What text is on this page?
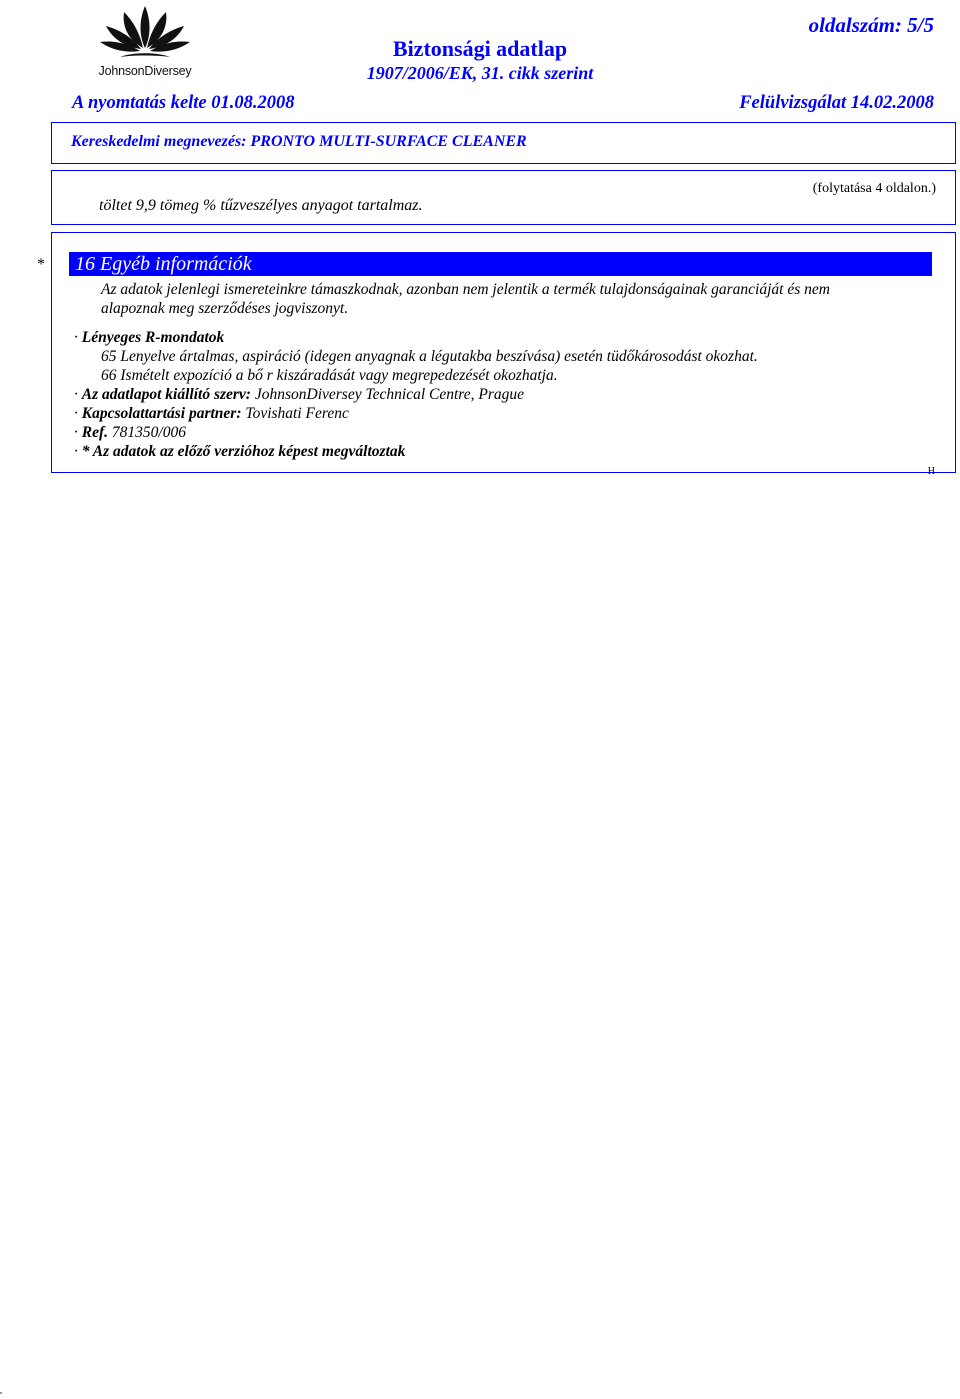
JohnsonDiversey
oldalszám: 5/5
Biztonsági adatlap
1907/2006/EK, 31. cikk szerint
A nyomtatás kelte 01.08.2008	Felülvizsgálat 14.02.2008
Kereskedelmi megnevezés: PRONTO MULTI-SURFACE CLEANER
(folytatása 4 oldalon.)
töltet 9,9 tömeg % tűzveszélyes anyagot tartalmaz.
* 16 Egyéb információk
Az adatok jelenlegi ismereteinkre támaszkodnak, azonban nem jelentik a termék tulajdonságainak garanciáját és nem
alapoznak meg szerződéses jogviszonyt.
· Lényeges R-mondatok
65 Lenyelve ártalmas, aspiráció (idegen anyagnak a légutakba beszívása) esetén tüdőkárosodást okozhat.
66 Ismételt expozíció a bő r kiszáradását vagy megrepedezését okozhatja.
· Az adatlapot kiállító szerv: JohnsonDiversey Technical Centre, Prague
· Kapcsolattartási partner: Tovishati Ferenc
· Ref. 781350/006
· * Az adatok az előző verzióhoz képest megváltoztak
H
